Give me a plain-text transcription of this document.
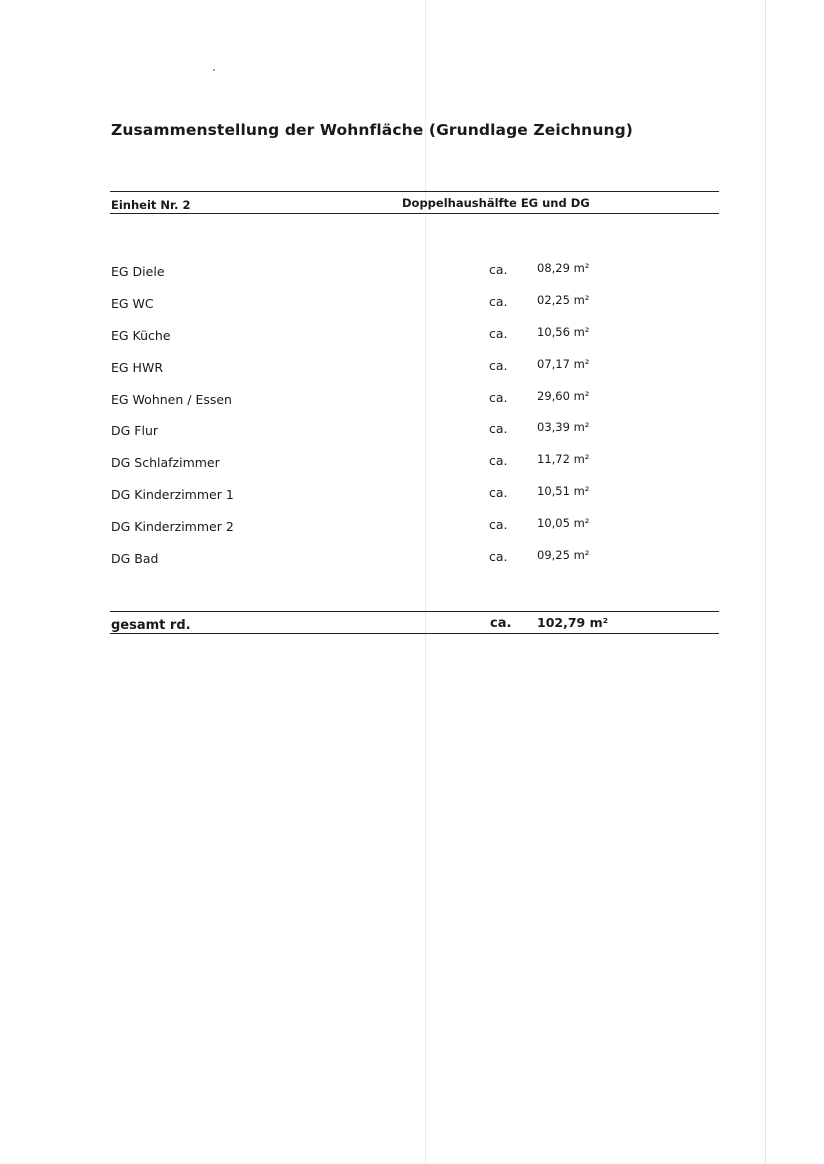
Zusammenstellung der Wohnfläche (Grundlage Zeichnung)
Einheit Nr. 2	Doppelhaushälfte EG und DG
EG Diele	ca.	08,29 m²
EG WC	ca.	02,25 m²
EG Küche	ca.	10,56 m²
EG HWR	ca.	07,17 m²
EG Wohnen / Essen	ca.	29,60 m²
DG Flur	ca.	03,39 m²
DG Schlafzimmer	ca.	11,72 m²
DG Kinderzimmer 1	ca.	10,51 m²
DG Kinderzimmer 2	ca.	10,05 m²
DG Bad	ca.	09,25 m²
gesamt rd.	ca. 102,79 m²
